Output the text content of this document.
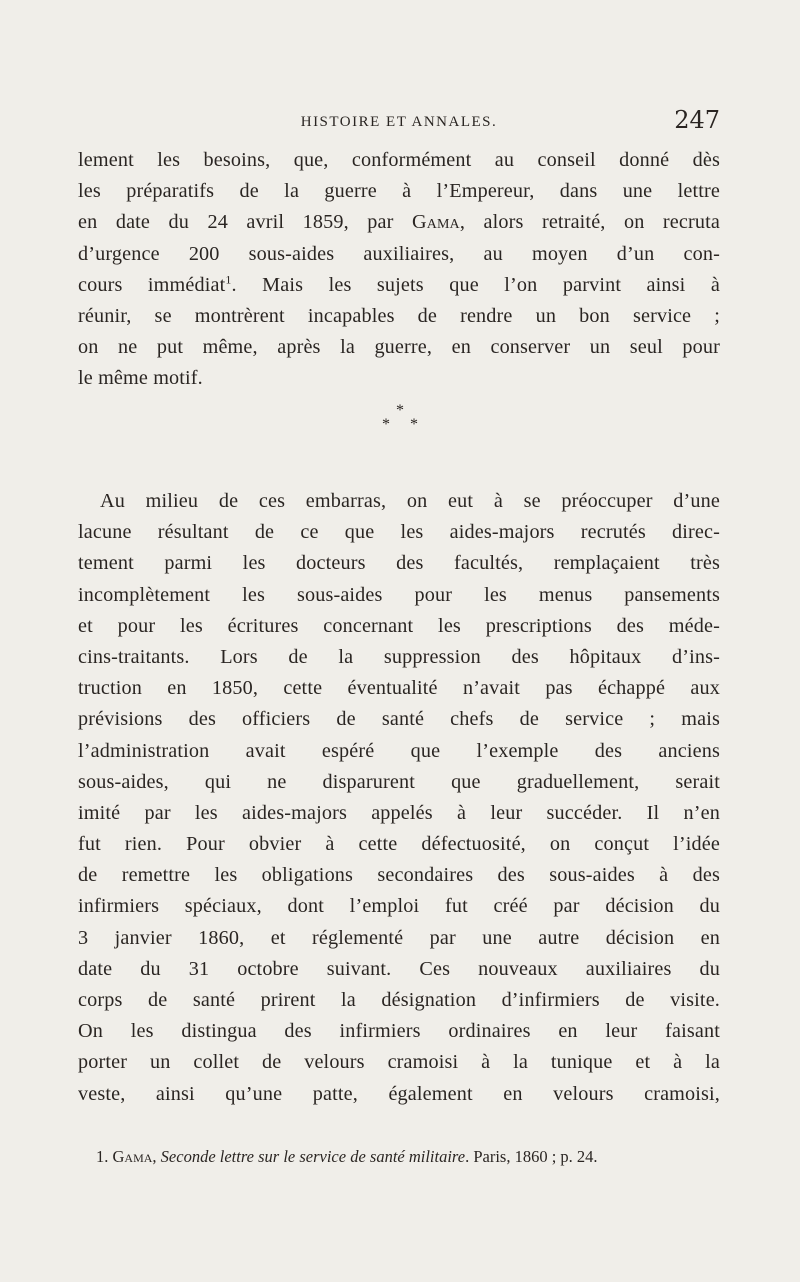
HISTOIRE ET ANNALES.	247
lement les besoins, que, conformément au conseil donné dès
les préparatifs de la guerre à l’Empereur, dans une lettre
en date du 24 avril 1859, par Gama, alors retraité, on recruta
d’urgence 200 sous-aides auxiliaires, au moyen d’un con-
cours immédiat$^1$. Mais les sujets que l’on parvint ainsi à
réunir, se montrèrent incapables de rendre un bon service ;
on ne put même, après la guerre, en conserver un seul pour
le même motif.
*
* *
Au milieu de ces embarras, on eut à se préoccuper d’une
lacune résultant de ce que les aides-majors recrutés direc-
tement parmi les docteurs des facultés, remplaçaient très
incomplètement les sous-aides pour les menus pansements
et pour les écritures concernant les prescriptions des méde-
cins-traitants. Lors de la suppression des hôpitaux d’ins-
truction en 1850, cette éventualité n’avait pas échappé aux
prévisions des officiers de santé chefs de service ; mais
l’administration avait espéré que l’exemple des anciens
sous-aides, qui ne disparurent que graduellement, serait
imité par les aides-majors appelés à leur succéder. Il n’en
fut rien. Pour obvier à cette défectuosité, on conçut l’idée
de remettre les obligations secondaires des sous-aides à des
infirmiers spéciaux, dont l’emploi fut créé par décision du
3 janvier 1860, et réglementé par une autre décision en
date du 31 octobre suivant. Ces nouveaux auxiliaires du
corps de santé prirent la désignation d’infirmiers de visite.
On les distingua des infirmiers ordinaires en leur faisant
porter un collet de velours cramoisi à la tunique et à la
veste, ainsi qu’une patte, également en velours cramoisi,
1. Gama, Seconde lettre sur le service de santé militaire. Paris, 1860 ; p. 24.
